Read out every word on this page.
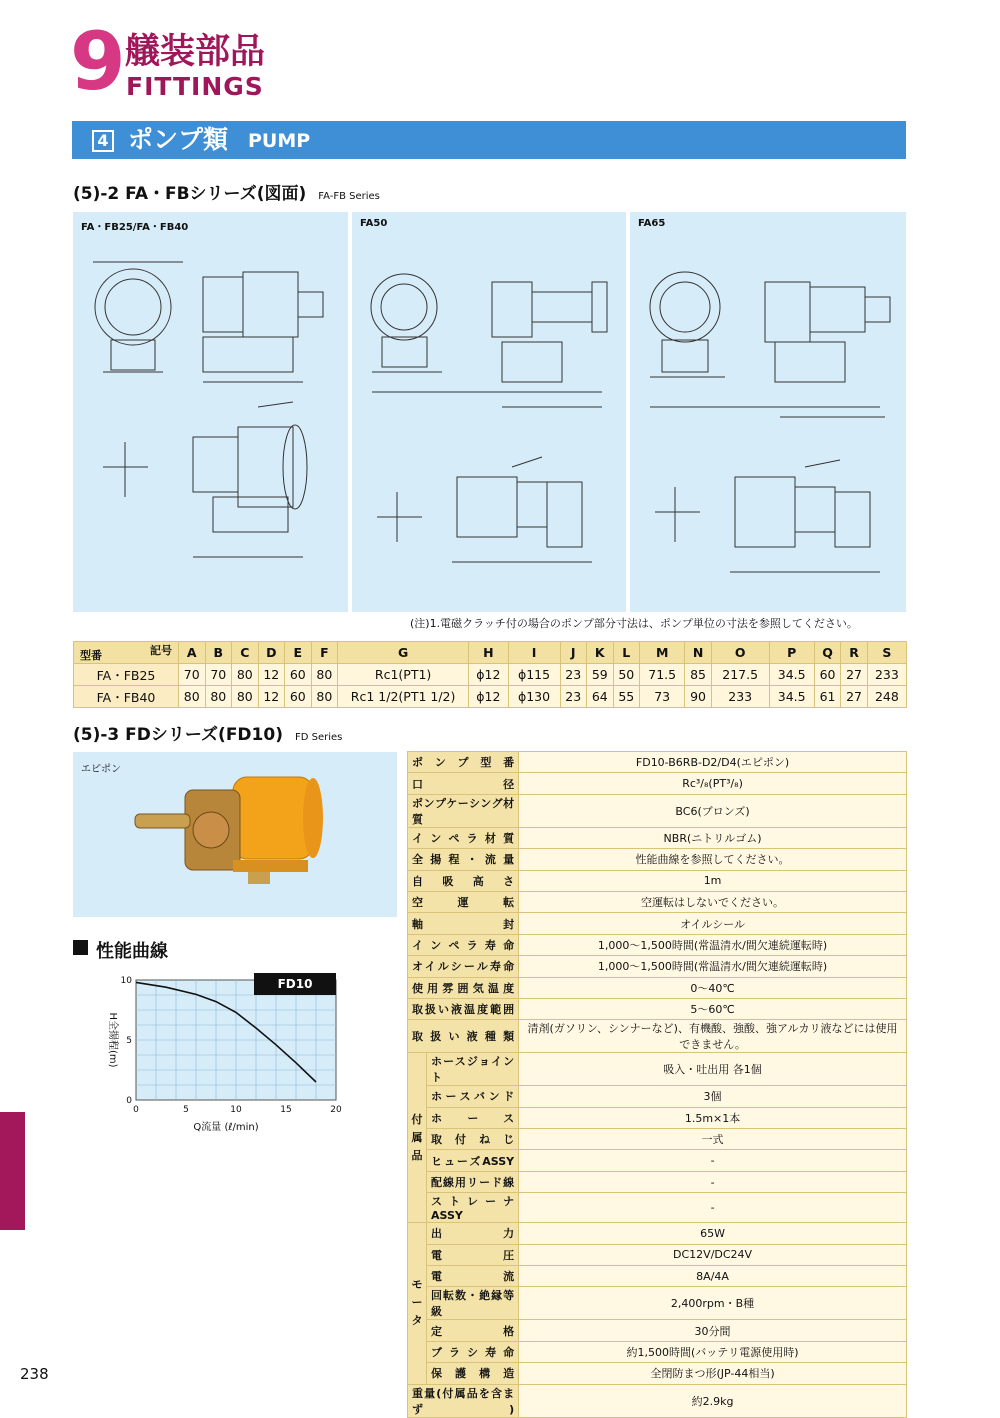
9 艤装部品
FITTINGS
4 ポンプ類 PUMP
(5)-2 FA・FBシリーズ(図面) FA-FB Series
FA・FB25/FA・FB40	FA50	FA65
(注)1.電磁クラッチ付の場合のポンプ部分寸法は、ポンプ単位の寸法を参照してください。
記号
型番	A	B	C	D	E	F	G	H	I	J	K	L	M	N	O	P	Q	R	S
FA・FB25	70	70	80	12	60	80	Rc1(PT1)	ϕ12	ϕ115	23	59	50	71.5	85	217.5	34.5	60	27	233
FA・FB40	80	80	80	12	60	80	Rc1 1/2(PT1 1/2)	ϕ12	ϕ130	23	64	55	73	90	233	34.5	61	27	248
(5)-3 FDシリーズ(FD10) FD Series
エピポン
性能曲線
0	5	10	15	20
0
5
10	FD10
Q流量 (ℓ/min)
H全揚程(m)
ポンプ型番		FD10-B6RB-D2/D4(エピポン)
口径		Rc³/₈(PT³/₈)
ポンプケーシング材質		BC6(ブロンズ)
インペラ材質		NBR(ニトリルゴム)
全揚程・流量		性能曲線を参照してください。
自吸高さ		1m
空運転		空運転はしないでください。
軸封		オイルシール
インペラ寿命		1,000〜1,500時間(常温清水/間欠連続運転時)
オイルシール寿命		1,000〜1,500時間(常温清水/間欠連続運転時)
使用雰囲気温度		0〜40℃
取扱い液温度範囲		5〜60℃
取扱い液種類		清剤(ガソリン、シンナーなど)、有機酸、強酸、強アルカリ液などには使用できません。
付属品	ホースジョイント	吸入・吐出用 各1個
	ホースバンド	3個
	ホース	1.5m×1本
	取付ねじ	一式
	ヒューズASSY	-
	配線用リード線	-
	ストレーナASSY	-
モータ	出力	65W
	電圧	DC12V/DC24V
	電流	8A/4A
	回転数・絶縁等級	2,400rpm・B種
	定格	30分間
	ブラシ寿命	約1,500時間(バッテリ電源使用時)
	保護構造	全閉防まつ形(JP-44相当)
重量(付属品を含まず)		約2.9kg
238
